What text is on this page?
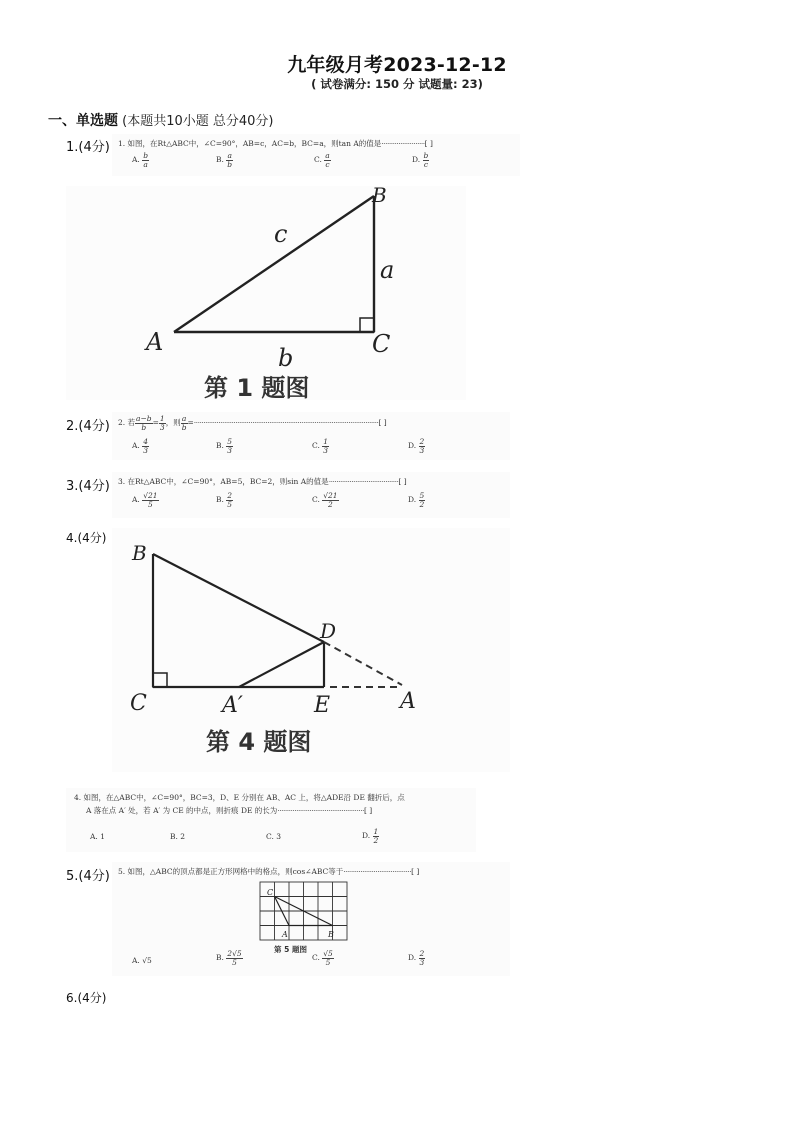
九年级月考2023-12-12
( 试卷满分: 150 分 试题量: 23)
一、单选题 (本题共10小题 总分40分)
1.(4分) 1. 如图，在Rt△ABC中，∠C=90°，AB=c，AC=b，BC=a，则tan A的值是·······················[ ]
A. $\frac{b}{a}$	B. $\frac{a}{b}$	C. $\frac{a}{c}$	D. $\frac{b}{c}$
A
B
C
a
b
c
第 1 题图
2.(4分) 2. 若 $\frac{a-b}{b} = \frac{1}{3}$ ，则 $\frac{a}{b}$ =··································································································[ ]
A. $\frac{4}{3}$	B. $\frac{5}{3}$	C. $\frac{1}{3}$	D. $\frac{2}{3}$
3.(4分) 3. 在Rt△ABC中，∠C=90°，AB=5，BC=2，则sin A的值是·····································[ ]
A. $\frac{√21}{5}$	B. $\frac{2}{5}$	C. $\frac{√21}{2}$	D. $\frac{5}{2}$
4.(4分)
B
C
D
E	A
A′
第 4 题图
4. 如图，在△ABC中，∠C=90°，BC=3，D、E 分别在 AB、AC 上，将△ADE沿 DE 翻折后，点
A 落在点 A′ 处，若 A′ 为 CE 的中点，则折痕 DE 的长为··············································[ ]
A. 1	B. 2	C. 3	D. $\frac{1}{2}$
5.(4分) 5. 如图，△ABC的顶点都是正方形网格中的格点，则cos∠ABC等于····································[ ]
C
A	B
第 5 题图
A. √5	B. $\frac{2√5}{5}$	C. $\frac{√5}{5}$	D. $\frac{2}{3}$
6.(4分)
